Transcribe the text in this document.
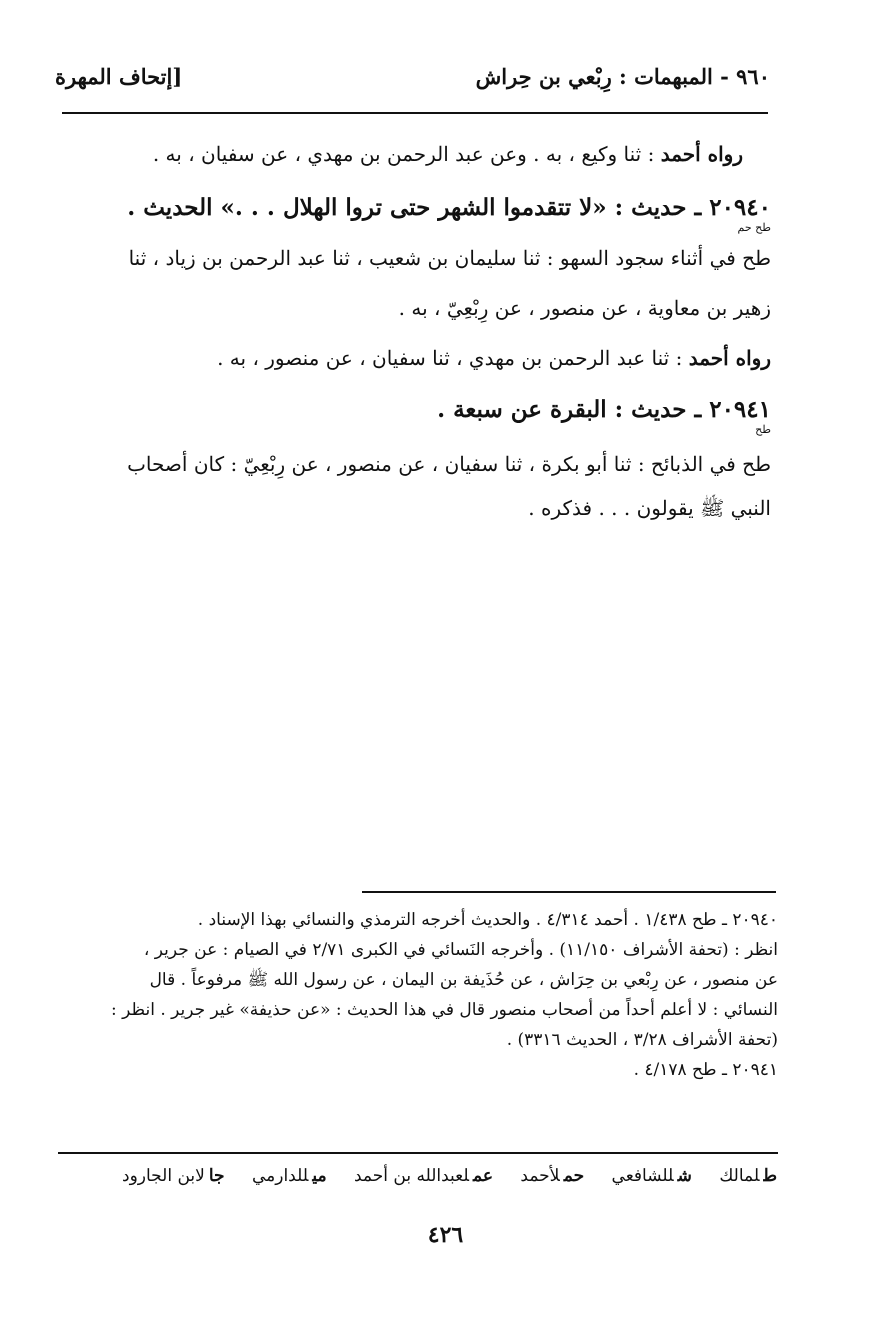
٩٦٠ - المبهمات : رِبْعي بن حِراش
[إتحاف المهرة
رواه أحمد : ثنا وكيع ، به . وعن عبد الرحمن بن مهدي ، عن سفيان ، به .
٢٠٩٤٠ ـ حديث : «لا تتقدموا الشهر حتى تروا الهلال . . .» الحديث .
طح حم
طح في أثناء سجود السهو : ثنا سليمان بن شعيب ، ثنا عبد الرحمن بن زياد ، ثنا
زهير بن معاوية ، عن منصور ، عن رِبْعِيّ ، به .
رواه أحمد : ثنا عبد الرحمن بن مهدي ، ثنا سفيان ، عن منصور ، به .
٢٠٩٤١ ـ حديث : البقرة عن سبعة .
طح
طح في الذبائح : ثنا أبو بكرة ، ثنا سفيان ، عن منصور ، عن رِبْعِيّ : كان أصحاب
النبي ﷺ يقولون . . . فذكره .

٢٠٩٤٠ ـ طح ١/٤٣٨ . أحمد ٤/٣١٤ . والحديث أخرجه الترمذي والنسائي بهذا الإسناد .

انظر : (تحفة الأشراف ١١/١٥٠) . وأخرجه النَسائي في الكبرى ٢/٧١ في الصيام : عن جرير ،

عن منصور ، عن رِبْعي بن حِرَاش ، عن حُذَيفة بن اليمان ، عن رسول الله ﷺ مرفوعاً . قال

النسائي : لا أعلم أحداً من أصحاب منصور قال في هذا الحديث : «عن حذيفة» غير جرير . انظر :

(تحفة الأشراف ٣/٢٨ ، الحديث ٣٣١٦) .

٢٠٩٤١ ـ طح ٤/١٧٨ .

طلمالك شللشافعي حملأحمد عملعبدالله بن أحمد ميللدارمي جالابن الجارود
٤٢٦
